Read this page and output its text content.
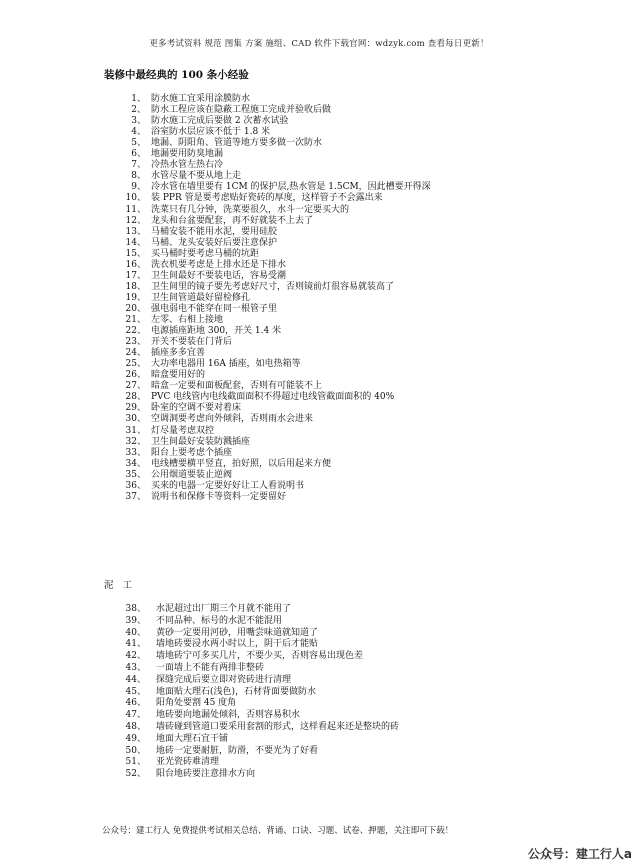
更多考试资料 规范 图集 方案 施组、CAD 软件下载官网：wdzyk.com 查看每日更新！
装修中最经典的 100 条小经验
1、 防水施工宜采用涂膜防水
2、 防水工程应该在隐蔽工程施工完成并验收后做
3、 防水施工完成后要做 2 次蓄水试验
4、 浴室防水层应该不低于 1.8 米
5、 地漏、阴阳角、管道等地方要多做一次防水
6、 地漏要用防臭地漏
7、 冷热水管左热右冷
8、 水管尽量不要从地上走
9、 冷水管在墙里要有 1CM 的保护层,热水管是 1.5CM，因此槽要开得深
10、 装 PPR 管是要考虑贴好瓷砖的厚度，这样管子不会露出来
11、 洗菜只有几分钟，洗菜要很久，水斗一定要买大的
12、 龙头和台盆要配套，再不好就装不上去了
13、 马桶安装不能用水泥，要用硅胶
14、 马桶、龙头安装好后要注意保护
15、 买马桶时要考虑马桶的坑距
16、 洗衣机要考虑是上排水还是下排水
17、 卫生间最好不要装电话，容易受潮
18、 卫生间里的镜子要先考虑好尺寸，否则镜前灯很容易就装高了
19、 卫生间管道最好留检修孔
20、 强电弱电不能穿在同一根管子里
21、 左零、右相上接地
22、 电源插座距地 300，开关 1.4 米
23、 开关不要装在门背后
24、 插座多多宜善
25、 大功率电器用 16A 插座，如电热箱等
26、 暗盒要用好的
27、 暗盒一定要和面板配套，否则有可能装不上
28、 PVC 电线管内电线截面面积不得超过电线管截面面积的 40%
29、 卧室的空调不要对着床
30、 空调洞要考虑向外倾斜，否则雨水会进来
31、 灯尽量考虑双控
32、 卫生间最好安装防溅插座
33、 阳台上要考虑个插座
34、 电线槽要横平竖直，拍好照，以后用起来方便
35、 公用烟道要装止逆阀
36、 买来的电器一定要好好让工人看说明书
37、 说明书和保修卡等资料一定要留好
泥 工
38、 水泥超过出厂期三个月就不能用了
39、 不同品种、标号的水泥不能混用
40、 黄砂一定要用河砂，用嘴尝味道就知道了
41、 墙地砖要浸水两小时以上，阴干后才能贴
42、 墙地砖宁可多买几片，不要少买，否则容易出现色差
43、 一面墙上不能有两排非整砖
44、 探缝完成后要立即对瓷砖进行清理
45、 地面贴大理石(浅色)，石材背面要做防水
46、 阳角处要割 45 度角
47、 地砖要向地漏处倾斜，否则容易积水
48、 墙砖碰到管道口要采用套割的形式，这样看起来还是整块的砖
49、 地面大理石宜干铺
50、 地砖一定要耐脏，防滑，不要光为了好看
51、 亚光瓷砖难清理
52、 阳台地砖要注意排水方向
公众号：建工行人 免费提供考试相关总结、背诵、口诀、习题、试卷、押题，关注即可下载！
公众号：建工行人a
